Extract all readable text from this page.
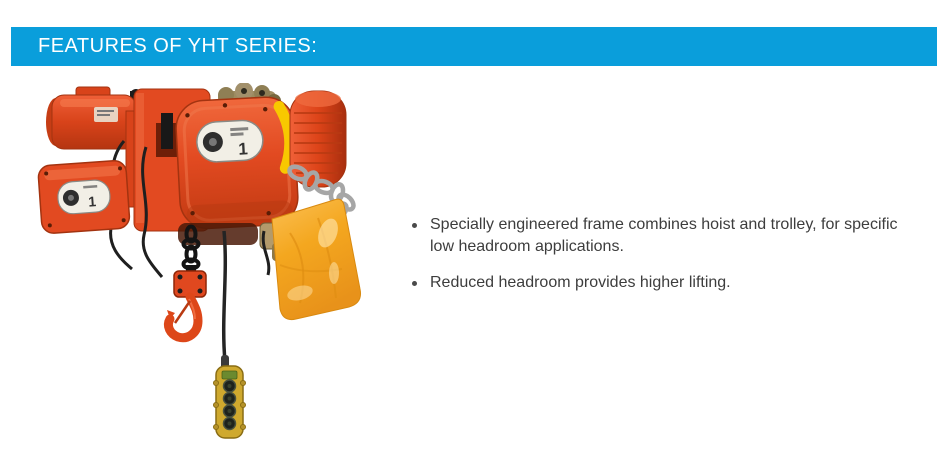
FEATURES OF YHT SERIES:
1
1
Specially engineered frame combines hoist and trolley, for specific low headroom applications.
Reduced headroom provides higher lifting.
